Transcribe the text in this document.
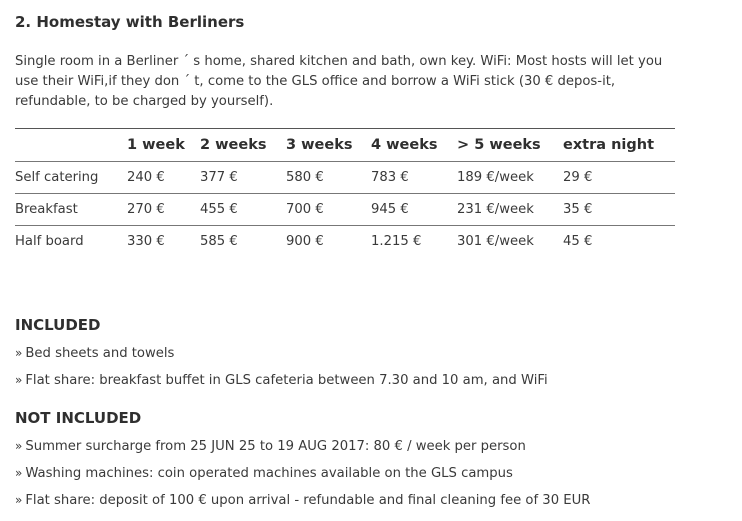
2. Homestay with Berliners
Single room in a Berliner ´ s home, shared kitchen and bath, own key. WiFi: Most hosts will let you use their WiFi,if they don ´ t, come to the GLS office and borrow a WiFi stick (30 € depos-it, refundable, to be charged by yourself).
	1 week	2 weeks	3 weeks	4 weeks	> 5 weeks	extra night
Self catering	240 €	377 €	580 €	783 €	189 €/week	29 €
Breakfast	270 €	455 €	700 €	945 €	231 €/week	35 €
Half board	330 €	585 €	900 €	1.215 €	301 €/week	45 €
INCLUDED
» Bed sheets and towels
» Flat share: breakfast buffet in GLS cafeteria between 7.30 and 10 am, and WiFi
NOT INCLUDED
» Summer surcharge from 25 JUN 25 to 19 AUG 2017: 80 € / week per person
» Washing machines: coin operated machines available on the GLS campus
» Flat share: deposit of 100 € upon arrival - refundable and final cleaning fee of 30 EUR
